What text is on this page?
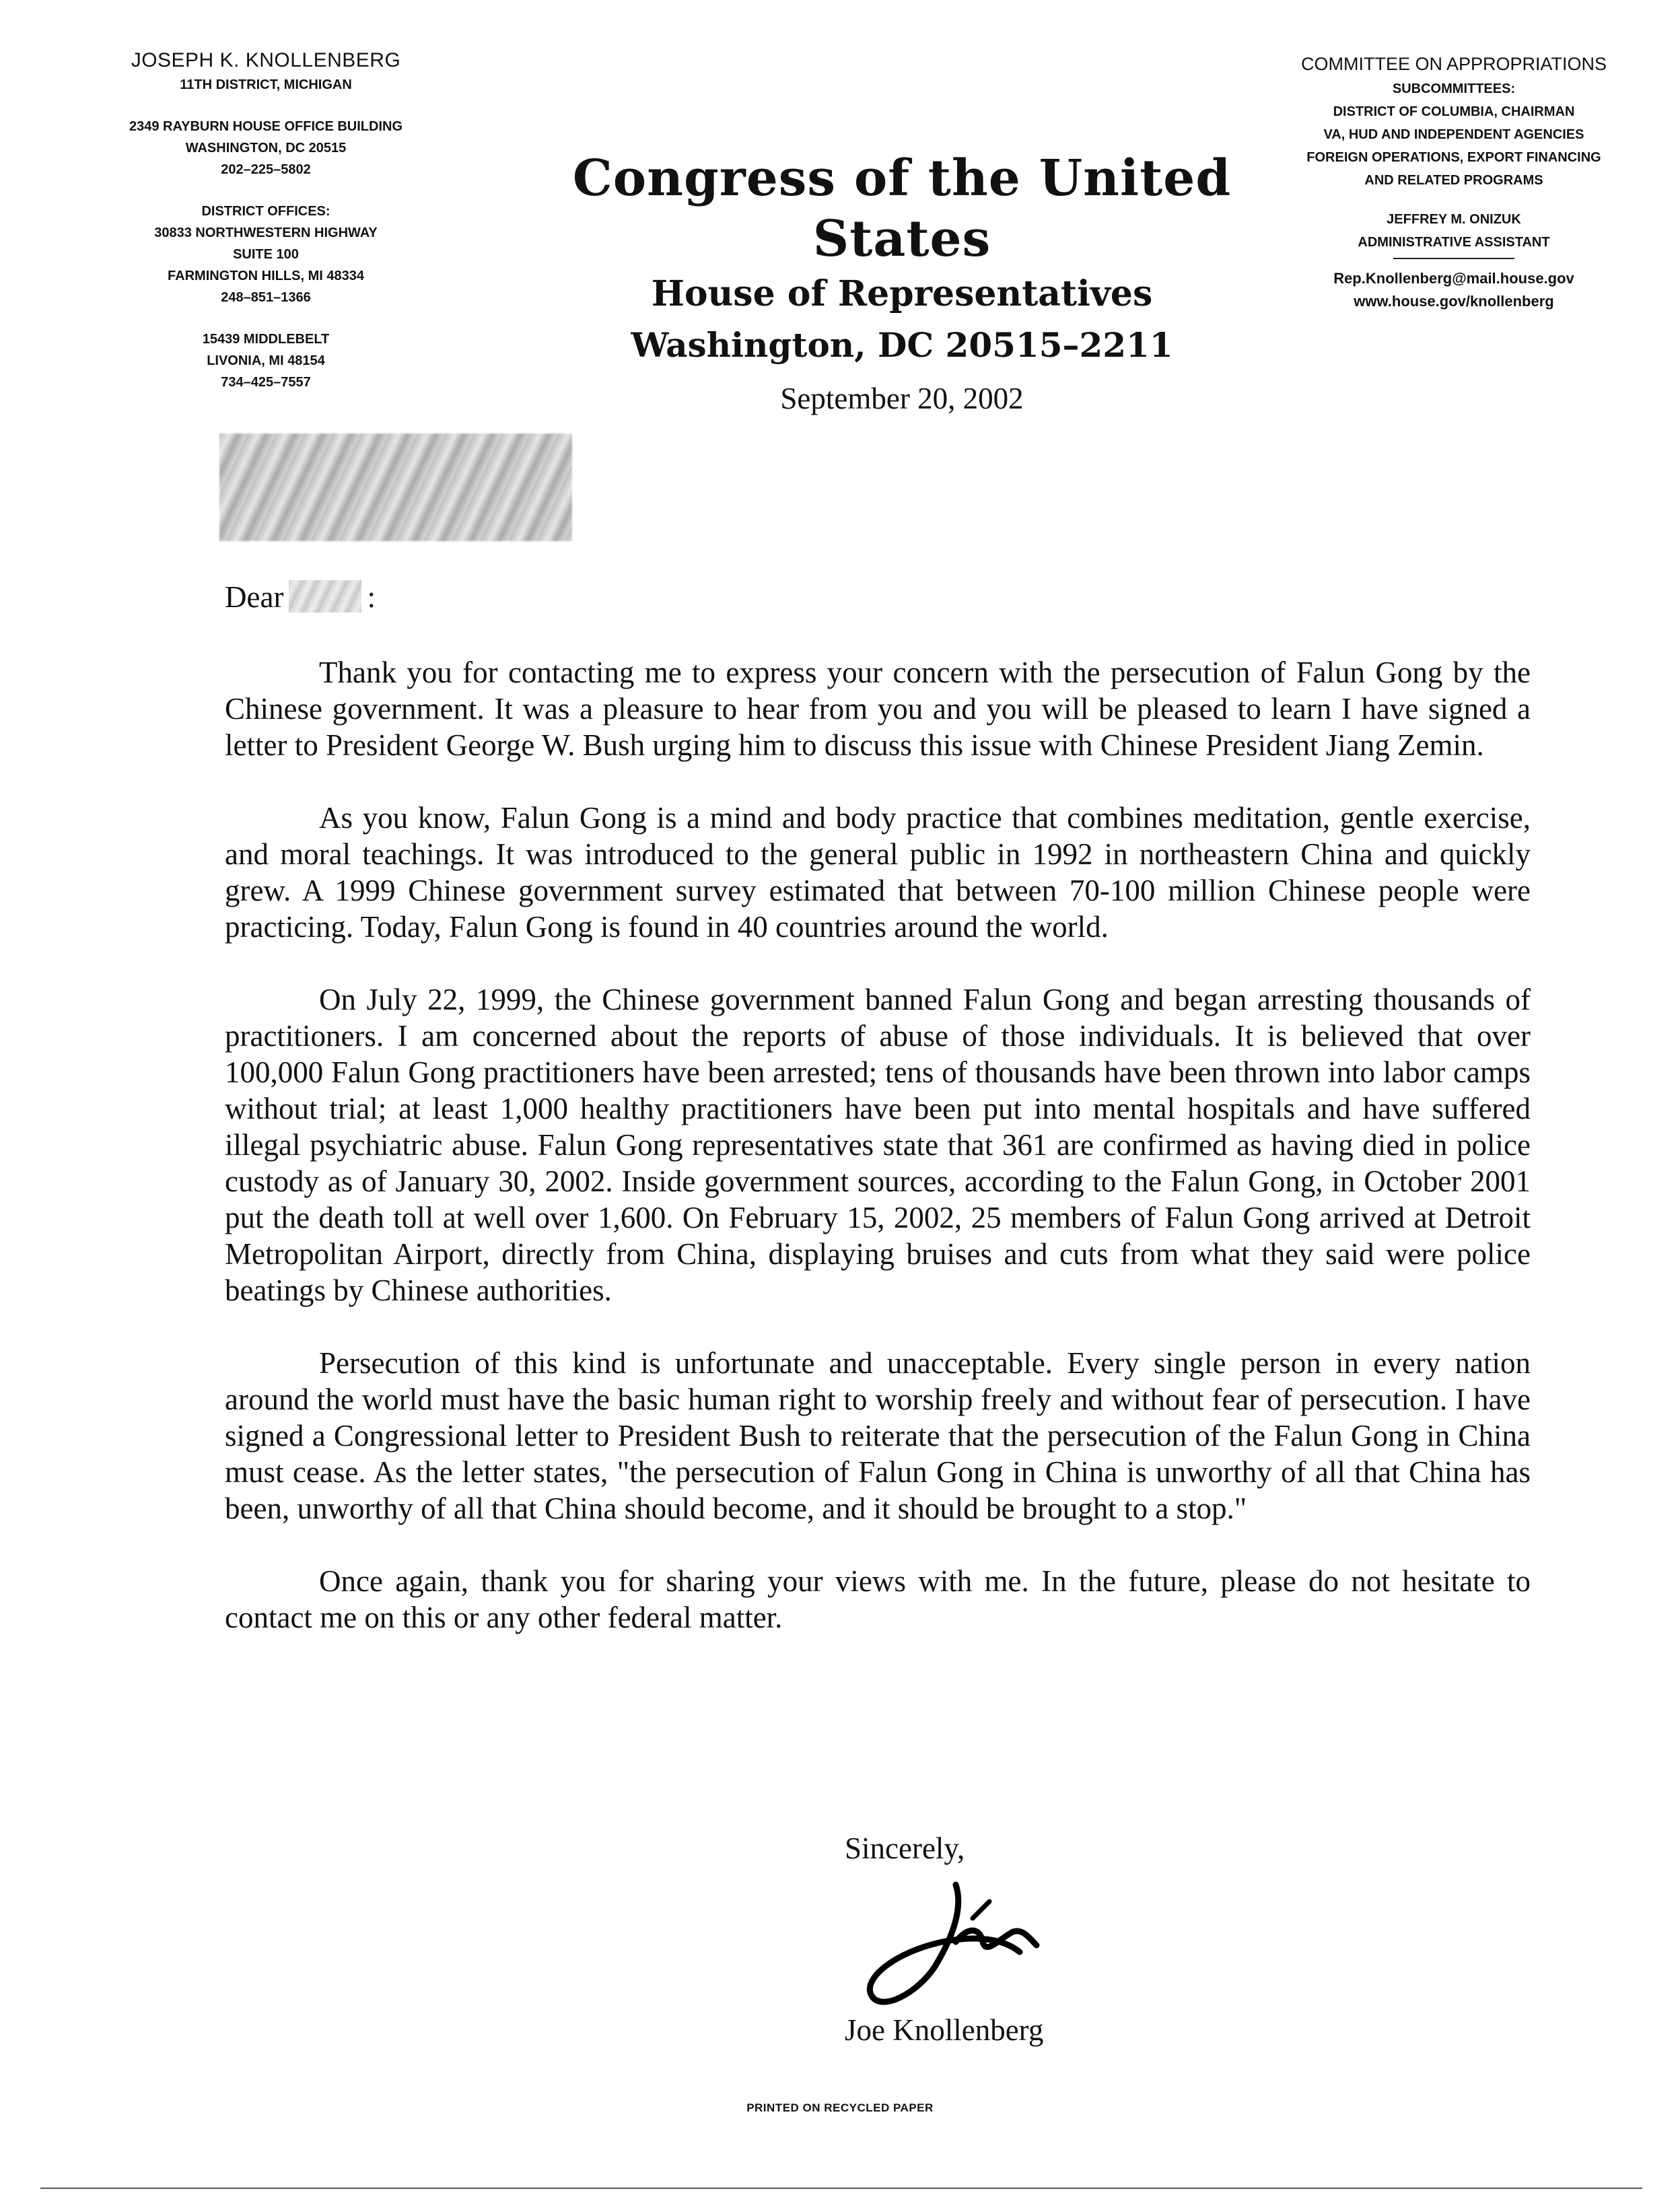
JOSEPH K. KNOLLENBERG
11TH DISTRICT, MICHIGAN
2349 RAYBURN HOUSE OFFICE BUILDING
WASHINGTON, DC 20515
202–225–5802
DISTRICT OFFICES:
30833 NORTHWESTERN HIGHWAY
SUITE 100
FARMINGTON HILLS, MI 48334
248–851–1366
15439 MIDDLEBELT
LIVONIA, MI 48154
734–425–7557
Congress of the United States
House of Representatives
Washington, DC 20515–2211
September 20, 2002
COMMITTEE ON APPROPRIATIONS
SUBCOMMITTEES:
DISTRICT OF COLUMBIA, CHAIRMAN
VA, HUD AND INDEPENDENT AGENCIES
FOREIGN OPERATIONS, EXPORT FINANCING
AND RELATED PROGRAMS
JEFFREY M. ONIZUK
ADMINISTRATIVE ASSISTANT
Rep.Knollenberg@mail.house.gov
www.house.gov/knollenberg
Dear	:

Thank you for contacting me to express your concern with the persecution of Falun Gong by the Chinese government. It was a pleasure to hear from you and you will be pleased to learn I have signed a letter to President George W. Bush urging him to discuss this issue with Chinese President Jiang Zemin.

As you know, Falun Gong is a mind and body practice that combines meditation, gentle exercise, and moral teachings. It was introduced to the general public in 1992 in northeastern China and quickly grew. A 1999 Chinese government survey estimated that between 70-100 million Chinese people were practicing. Today, Falun Gong is found in 40 countries around the world.

On July 22, 1999, the Chinese government banned Falun Gong and began arresting thousands of practitioners. I am concerned about the reports of abuse of those individuals. It is believed that over 100,000 Falun Gong practitioners have been arrested; tens of thousands have been thrown into labor camps without trial; at least 1,000 healthy practitioners have been put into mental hospitals and have suffered illegal psychiatric abuse. Falun Gong representatives state that 361 are confirmed as having died in police custody as of January 30, 2002. Inside government sources, according to the Falun Gong, in October 2001 put the death toll at well over 1,600. On February 15, 2002, 25 members of Falun Gong arrived at Detroit Metropolitan Airport, directly from China, displaying bruises and cuts from what they said were police beatings by Chinese authorities.

Persecution of this kind is unfortunate and unacceptable. Every single person in every nation around the world must have the basic human right to worship freely and without fear of persecution. I have signed a Congressional letter to President Bush to reiterate that the persecution of the Falun Gong in China must cease. As the letter states, "the persecution of Falun Gong in China is unworthy of all that China has been, unworthy of all that China should become, and it should be brought to a stop."

Once again, thank you for sharing your views with me. In the future, please do not hesitate to contact me on this or any other federal matter.

Sincerely,
Joe Knollenberg
PRINTED ON RECYCLED PAPER
